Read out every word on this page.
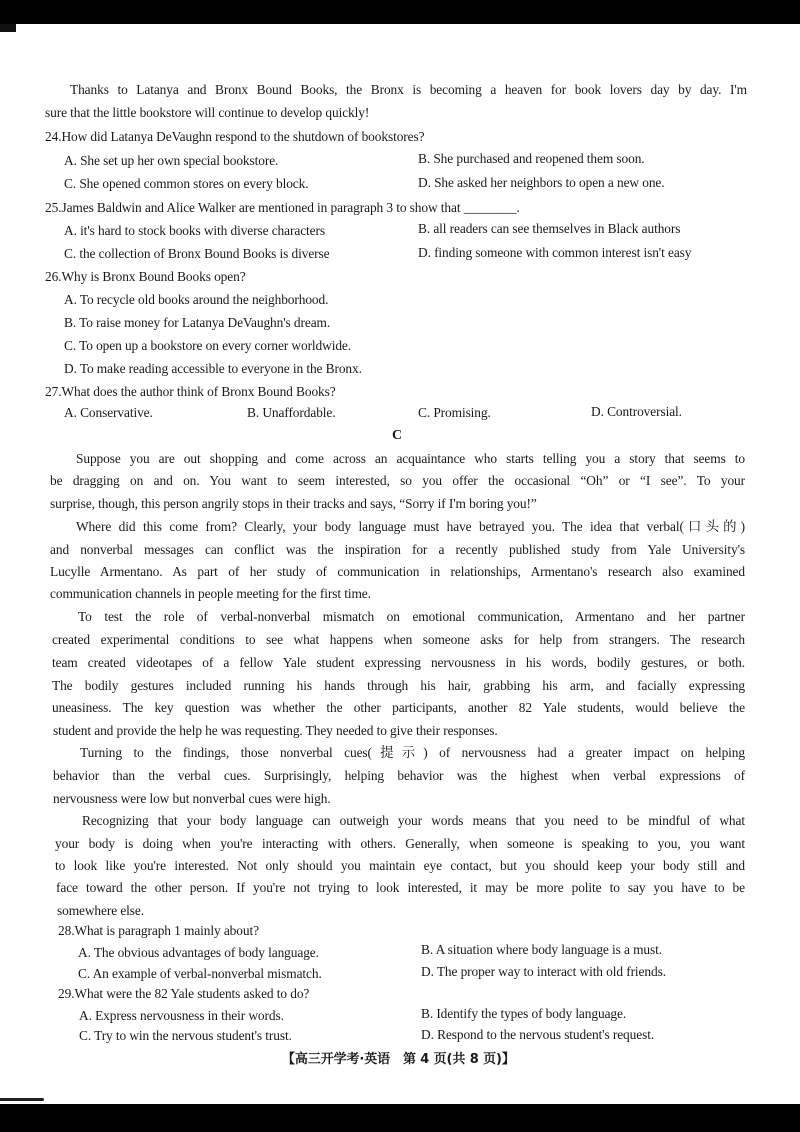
Thanks to Latanya and Bronx Bound Books, the Bronx is becoming a heaven for book lovers day by day. I'm
sure that the little bookstore will continue to develop quickly!
24.How did Latanya DeVaughn respond to the shutdown of bookstores?
A. She set up her own special bookstore.	B. She purchased and reopened them soon.
C. She opened common stores on every block.	D. She asked her neighbors to open a new one.
25.James Baldwin and Alice Walker are mentioned in paragraph 3 to show that ________.
A. it's hard to stock books with diverse characters	B. all readers can see themselves in Black authors
C. the collection of Bronx Bound Books is diverse	D. finding someone with common interest isn't easy
26.Why is Bronx Bound Books open?
A. To recycle old books around the neighborhood.
B. To raise money for Latanya DeVaughn's dream.
C. To open up a bookstore on every corner worldwide.
D. To make reading accessible to everyone in the Bronx.
27.What does the author think of Bronx Bound Books?
A. Conservative.	B. Unaffordable.	C. Promising.	D. Controversial.
C
Suppose you are out shopping and come across an acquaintance who starts telling you a story that seems to
be dragging on and on. You want to seem interested, so you offer the occasional “Oh” or “I see”. To your
surprise, though, this person angrily stops in their tracks and says, “Sorry if I'm boring you!”
Where did this come from? Clearly, your body language must have betrayed you. The idea that verbal(口头的)
and nonverbal messages can conflict was the inspiration for a recently published study from Yale University's
Lucylle Armentano. As part of her study of communication in relationships, Armentano's research also examined
communication channels in people meeting for the first time.
To test the role of verbal-nonverbal mismatch on emotional communication, Armentano and her partner
created experimental conditions to see what happens when someone asks for help from strangers. The research
team created videotapes of a fellow Yale student expressing nervousness in his words, bodily gestures, or both.
The bodily gestures included running his hands through his hair, grabbing his arm, and facially expressing
uneasiness. The key question was whether the other participants, another 82 Yale students, would believe the
student and provide the help he was requesting. They needed to give their responses.
Turning to the findings, those nonverbal cues(提示) of nervousness had a greater impact on helping
behavior than the verbal cues. Surprisingly, helping behavior was the highest when verbal expressions of
nervousness were low but nonverbal cues were high.
Recognizing that your body language can outweigh your words means that you need to be mindful of what
your body is doing when you're interacting with others. Generally, when someone is speaking to you, you want
to look like you're interested. Not only should you maintain eye contact, but you should keep your body still and
face toward the other person. If you're not trying to look interested, it may be more polite to say you have to be
somewhere else.
28.What is paragraph 1 mainly about?
A. The obvious advantages of body language.	B. A situation where body language is a must.
C. An example of verbal-nonverbal mismatch.	D. The proper way to interact with old friends.
29.What were the 82 Yale students asked to do?
A. Express nervousness in their words.	B. Identify the types of body language.
C. Try to win the nervous student's trust.	D. Respond to the nervous student's request.
【高三开学考·英语　第 4 页(共 8 页)】
